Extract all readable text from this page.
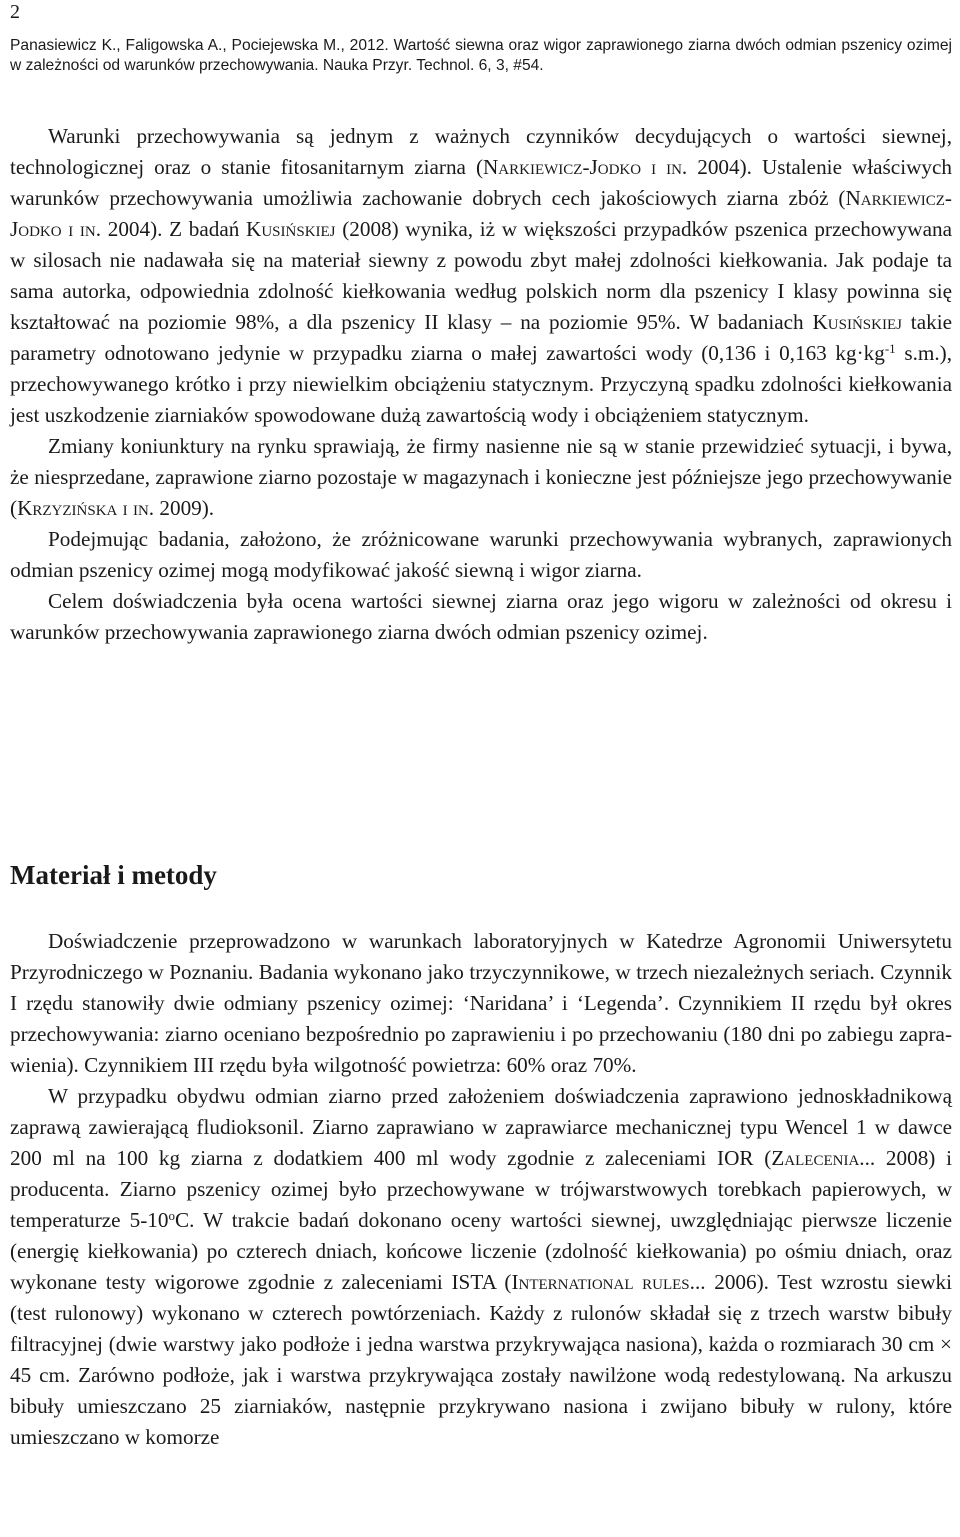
2
Panasiewicz K., Faligowska A., Pociejewska M., 2012. Wartość siewna oraz wigor zaprawionego ziarna dwóch odmian pszenicy ozimej w zależności od warunków przechowywania. Nauka Przyr. Technol. 6, 3, #54.

Warunki przechowywania są jednym z ważnych czynników decydujących o wartości siewnej, technologicznej oraz o stanie fitosanitarnym ziarna (Narkiewicz-Jodko i in. 2004). Ustalenie właściwych warunków przechowywania umożliwia zachowanie dobrych cech jakościowych ziarna zbóż (Narkiewicz-Jodko i in. 2004). Z badań Kusińskiej (2008) wynika, iż w większości przypadków pszenica przechowywana w silosach nie nadawała się na materiał siewny z powodu zbyt małej zdolności kiełkowania. Jak podaje ta sama autorka, odpowiednia zdolność kiełkowania według polskich norm dla pszenicy I klasy powinna się kształtować na poziomie 98%, a dla pszenicy II klasy – na poziomie 95%. W badaniach Kusińskiej takie parametry odnotowano jedynie w przypadku ziarna o małej zawartości wody (0,136 i 0,163 $kg\cdot kg^{-1}$ s.m.), przechowywanego krótko i przy niewielkim obciążeniu statycznym. Przyczyną spadku zdolności kiełkowania jest uszkodzenie ziarniaków spowodowane dużą zawartością wody i obciążeniem statycznym.

Zmiany koniunktury na rynku sprawiają, że firmy nasienne nie są w stanie przewidzieć sytuacji, i bywa, że niesprzedane, zaprawione ziarno pozostaje w magazynach i konieczne jest późniejsze jego przechowywanie (Krzyzińska i in. 2009).

Podejmując badania, założono, że zróżnicowane warunki przechowywania wybranych, zaprawionych odmian pszenicy ozimej mogą modyfikować jakość siewną i wigor ziarna.

Celem doświadczenia była ocena wartości siewnej ziarna oraz jego wigoru w zależności od okresu i warunków przechowywania zaprawionego ziarna dwóch odmian pszenicy ozimej.

Materiał i metody

Doświadczenie przeprowadzono w warunkach laboratoryjnych w Katedrze Agronomii Uniwersytetu Przyrodniczego w Poznaniu. Badania wykonano jako trzyczynnikowe, w trzech niezależnych seriach. Czynnik I rzędu stanowiły dwie odmiany pszenicy ozimej: ‘Naridana’ i ‘Legenda’. Czynnikiem II rzędu był okres przechowywania: ziarno oceniano bezpośrednio po zaprawieniu i po przechowaniu (180 dni po zabiegu zaprawienia). Czynnikiem III rzędu była wilgotność powietrza: 60% oraz 70%.

W przypadku obydwu odmian ziarno przed założeniem doświadczenia zaprawiono jednoskładnikową zaprawą zawierającą fludioksonil. Ziarno zaprawiano w zaprawiarce mechanicznej typu Wencel 1 w dawce 200 ml na 100 kg ziarna z dodatkiem 400 ml wody zgodnie z zaleceniami IOR (Zalecenia... 2008) i producenta. Ziarno pszenicy ozimej było przechowywane w trójwarstwowych torebkach papierowych, w temperaturze 5-10$^o$C. W trakcie badań dokonano oceny wartości siewnej, uwzględniając pierwsze liczenie (energię kiełkowania) po czterech dniach, końcowe liczenie (zdolność kiełkowania) po ośmiu dniach, oraz wykonane testy wigorowe zgodnie z zaleceniami ISTA (International rules... 2006). Test wzrostu siewki (test rulonowy) wykonano w czterech powtórzeniach. Każdy z rulonów składał się z trzech warstw bibuły filtracyjnej (dwie warstwy jako podłoże i jedna warstwa przykrywająca nasiona), każda o rozmiarach 30 cm × 45 cm. Zarówno podłoże, jak i warstwa przykrywająca zostały nawilżone wodą redestylowaną. Na arkuszu bibuły umieszczano 25 ziarniaków, następnie przykrywano nasiona i zwijano bibuły w rulony, które umieszczano w komorze
